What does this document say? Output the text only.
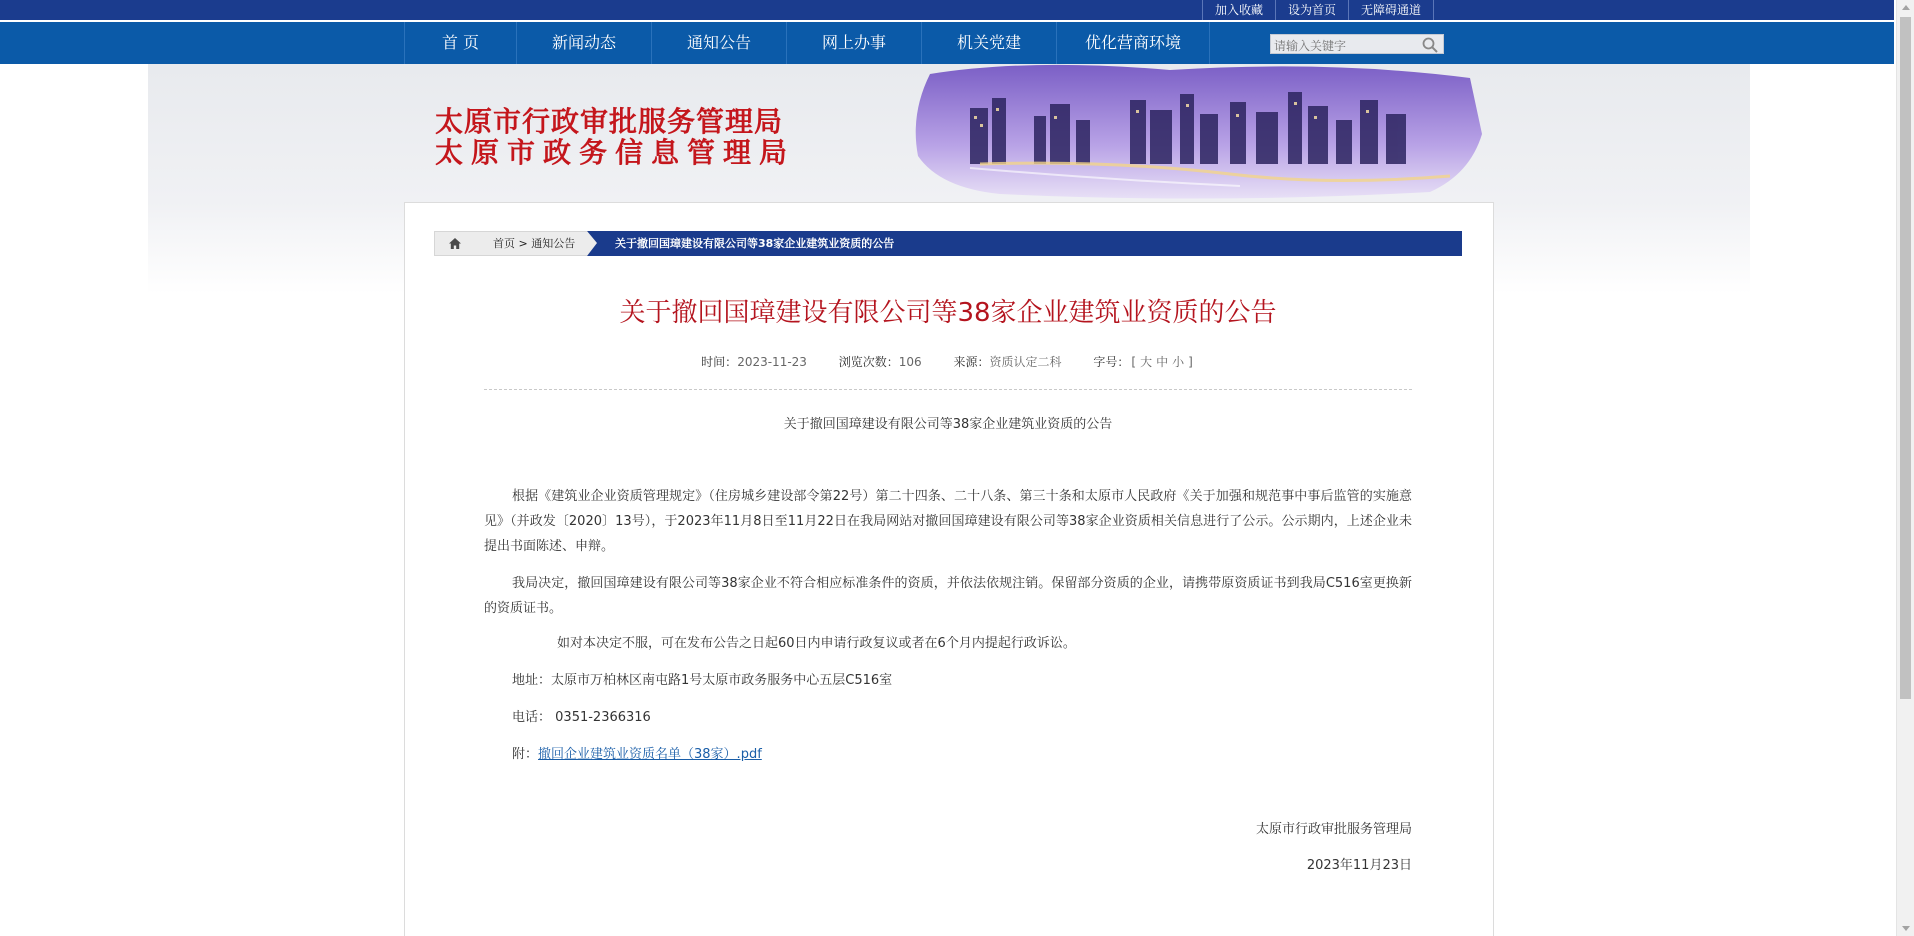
加入收藏	设为首页	无障碍通道
首 页	新闻动态	通知公告	网上办事	机关党建	优化营商环境
请输入关键字
太原市行政审批服务管理局
太原市政务信息管理局
首页 > 通知公告	关于撤回国璋建设有限公司等38家企业建筑业资质的公告
关于撤回国璋建设有限公司等38家企业建筑业资质的公告
时间：2023-11-23	浏览次数：106	来源：资质认定二科	字号： [ 大 中 小 ]
关于撤回国璋建设有限公司等38家企业建筑业资质的公告
根据《建筑业企业资质管理规定》（住房城乡建设部令第22号）第二十四条、二十八条、第三十条和太原市人民政府《关于加强和规范事中事后监管的实施意见》（并政发〔2020〕13号），于2023年11月8日至11月22日在我局网站对撤回国璋建设有限公司等38家企业资质相关信息进行了公示。公示期内，上述企业未提出书面陈述、申辩。
我局决定，撤回国璋建设有限公司等38家企业不符合相应标准条件的资质，并依法依规注销。保留部分资质的企业，请携带原资质证书到我局C516室更换新的资质证书。
如对本决定不服，可在发布公告之日起60日内申请行政复议或者在6个月内提起行政诉讼。
地址：太原市万柏林区南屯路1号太原市政务服务中心五层C516室
电话： 0351-2366316
附：撤回企业建筑业资质名单（38家）.pdf
太原市行政审批服务管理局
2023年11月23日
